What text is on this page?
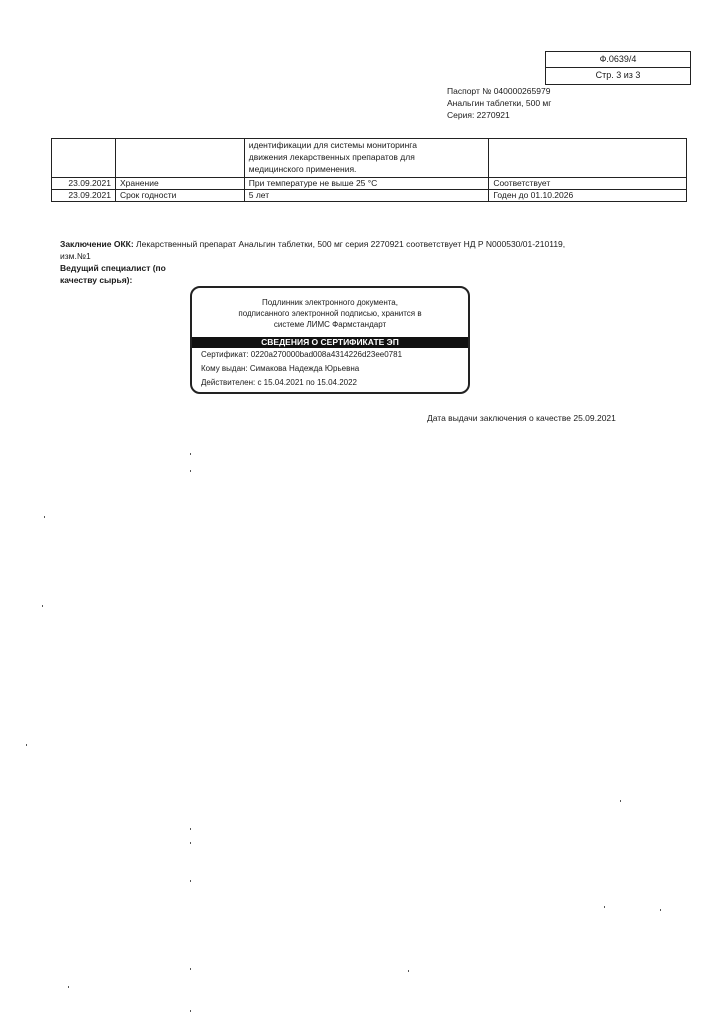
Ф.0639/4
Стр. 3 из 3
Паспорт № 040000265979
Анальгин таблетки, 500 мг
Серия: 2270921

		идентификации для системы мониторинга
движения лекарственных препаратов для
медицинского применения.	

23.09.2021	Хранение	При температуре не выше 25 °С	Соответствует
23.09.2021	Срок годности	5 лет	Годен до 01.10.2026
Заключение ОКК: Лекарственный препарат Анальгин таблетки, 500 мг серия 2270921 соответствует НД Р N000530/01-210119,
изм.№1
Ведущий специалист (по
качеству сырья):
Подлинник электронного документа,
подписанного электронной подписью, хранится в
системе ЛИМС Фармстандарт
СВЕДЕНИЯ О СЕРТИФИКАТЕ ЭП
Сертификат: 0220a270000bad008a4314226d23ee0781
Кому выдан: Симакова Надежда Юрьевна
Действителен: с 15.04.2021 по 15.04.2022
Дата выдачи заключения о качестве 25.09.2021
